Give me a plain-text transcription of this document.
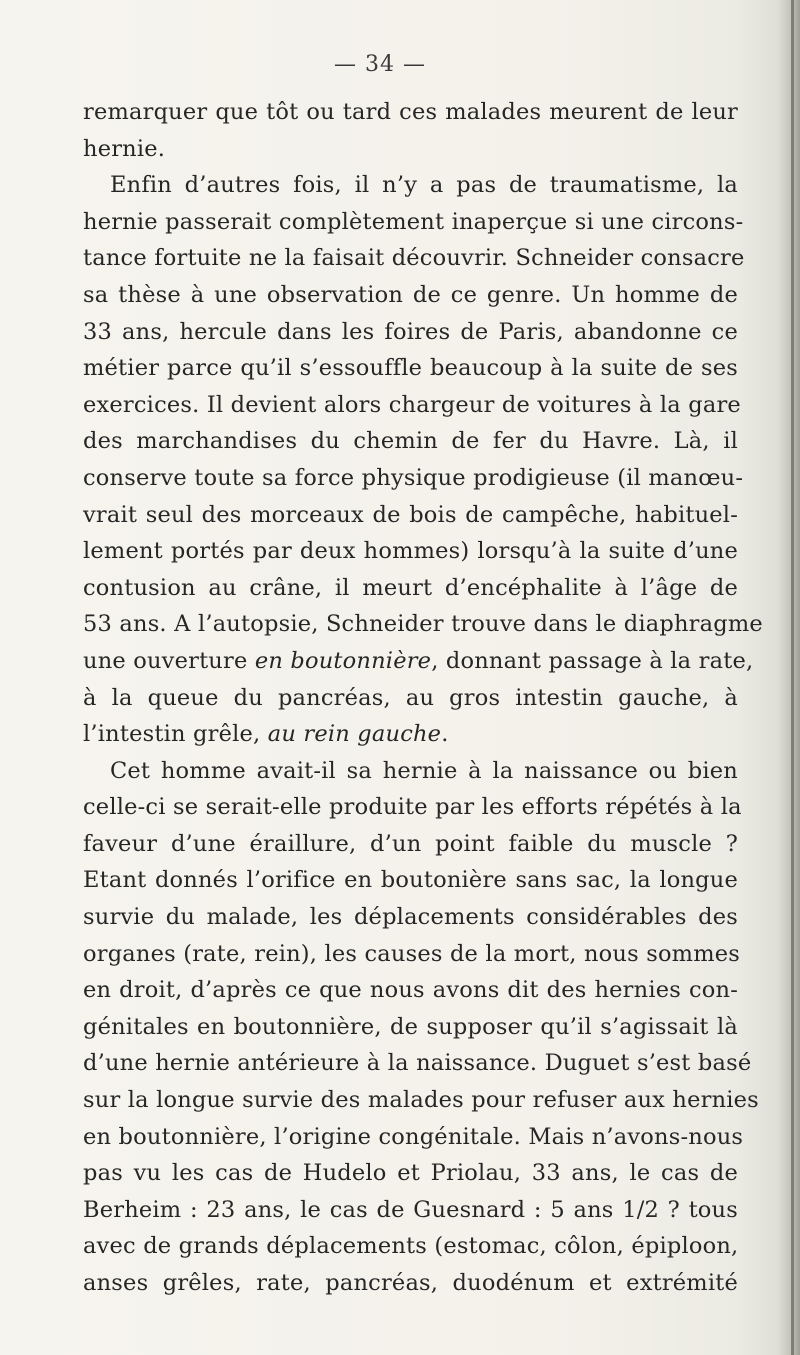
— 34 —
remarquer que tôt ou tard ces malades meurent de leur
hernie.
Enfin d’autres fois, il n’y a pas de traumatisme, la
hernie passerait complètement inaperçue si une circons-
tance fortuite ne la faisait découvrir. Schneider consacre
sa thèse à une observation de ce genre. Un homme de
33 ans, hercule dans les foires de Paris, abandonne ce
métier parce qu’il s’essouffle beaucoup à la suite de ses
exercices. Il devient alors chargeur de voitures à la gare
des marchandises du chemin de fer du Havre. Là, il
conserve toute sa force physique prodigieuse (il manœu-
vrait seul des morceaux de bois de campêche, habituel-
lement portés par deux hommes) lorsqu’à la suite d’une
contusion au crâne, il meurt d’encéphalite à l’âge de
53 ans. A l’autopsie, Schneider trouve dans le diaphragme
une ouverture en boutonnière, donnant passage à la rate,
à la queue du pancréas, au gros intestin gauche, à
l’intestin grêle, au rein gauche.
Cet homme avait-il sa hernie à la naissance ou bien
celle-ci se serait-elle produite par les efforts répétés à la
faveur d’une éraillure, d’un point faible du muscle ?
Etant donnés l’orifice en boutonière sans sac, la longue
survie du malade, les déplacements considérables des
organes (rate, rein), les causes de la mort, nous sommes
en droit, d’après ce que nous avons dit des hernies con-
génitales en boutonnière, de supposer qu’il s’agissait là
d’une hernie antérieure à la naissance. Duguet s’est basé
sur la longue survie des malades pour refuser aux hernies
en boutonnière, l’origine congénitale. Mais n’avons-nous
pas vu les cas de Hudelo et Priolau, 33 ans, le cas de
Berheim : 23 ans, le cas de Guesnard : 5 ans 1/2 ? tous
avec de grands déplacements (estomac, côlon, épiploon,
anses grêles, rate, pancréas, duodénum et extrémité
